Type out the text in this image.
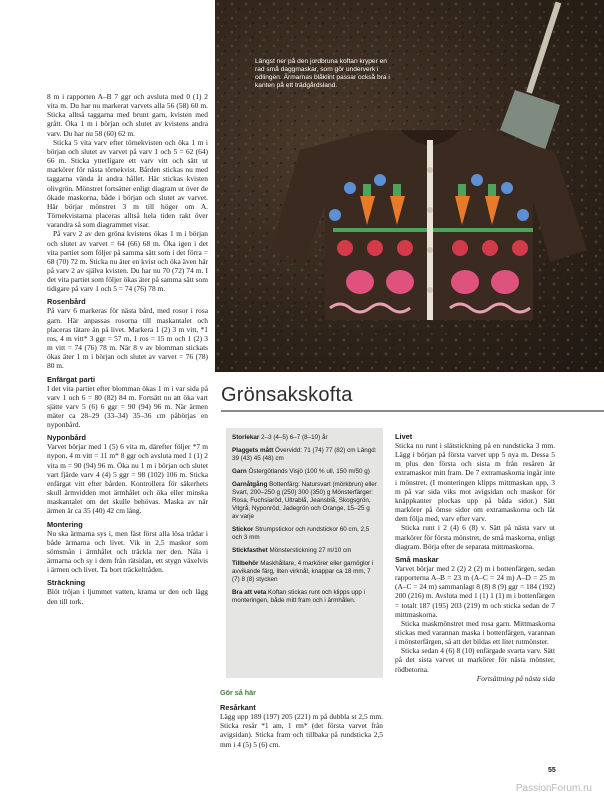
Längst ner på den jordbruna koftan kryper en rad små daggmaskar, som gör underverk i odlingen. Ärmarnas blåklint passar också bra i kanten på ett trädgårdsland.

8 m i rapporten A–B 7 ggr och avsluta med 0 (1) 2 vita m. Du har nu markerat varvets alla 56 (58) 60 m. Sticka alltså taggarna med brunt garn, kvisten med grått. Öka 1 m i början och slutet av kvistens andra varv. Du har nu 58 (60) 62 m.

Sticka 5 vita varv efter törnekvisten och öka 1 m i början och slutet av varvet på varv 1 och 5 = 62 (64) 66 m. Sticka ytterligare ett varv vitt och sätt ut markörer för nästa törnekvist. Bården stickas nu med taggarna vända åt andra hållet. Här stickas kvisten olivgrön. Mönstret fortsätter enligt diagram ut över de ökade maskorna, både i början och slutet av varvet. Här börjar mönstret 3 m till höger om A. Törnekvistarna placeras alltså hela tiden rakt över varandra så som diagrammet visar.

På varv 2 av den gröna kvistens ökas 1 m i början och slutet av varvet = 64 (66) 68 m. Öka igen i det vita partiet som följer på samma sätt som i det förra = 68 (70) 72 m. Sticka nu äter en kvist och öka även här på varv 2 av själva kvisten. Du har nu 70 (72) 74 m. I det vita partiet som följer ökas äter på samma sätt som tidigare på varv 1 och 5 = 74 (76) 78 m.

Rosenbård

På varv 6 markeras för nästa bård, med rosor i rosa garn. Här anpassas rosorna till maskantalet och placeras tätare än på livet. Markera 1 (2) 3 m vitt, *1 ros, 4 m vitt* 3 ggr = 57 m, 1 ros = 15 m och 1 (2) 3 m vitt = 74 (76) 78 m. När 8 v av blomman stickats ökas äter 1 m i början och slutet av varvet = 76 (78) 80 m.

Enfärgat parti

I det vita partiet efter blomman ökas 1 m i var sida på varv 1 och 6 = 80 (82) 84 m. Fortsätt nu att öka vart sjätte varv 5 (6) 6 ggr = 90 (94) 96 m. När ärmen mäter ca 28–29 (33–34) 35–36 cm påbörjas en nyponbård.

Nyponbård

Varvet börjar med 1 (5) 6 vita m, därefter följer *7 m nypon, 4 m vitt = 11 m* 8 ggr och avsluta med 1 (1) 2 vita m = 90 (94) 96 m. Öka nu 1 m i början och slutet vart fjärde varv 4 (4) 5 ggr = 98 (102) 106 m. Sticka enfärgat vitt efter bården. Kontrollera för säkerhets skull ärmvidden mot ärmhålet och öka eller minska maskantalet om det skulle behövas. Maska av när ärmen är ca 35 (40) 42 cm lång.

Montering

Nu ska ärmarna sys i, men fäst först alla lösa trådar i både ärmarna och livet. Vik in 2,5 maskor som sömsmån i ärmhålet och träckla ner den. Nåla i ärmarna och sy i dem från rätsidan, ett stygn växelvis i ärmen och livet. Ta bort träckeltråden.

Sträckning

Blöt tröjan i ljummet vatten, krama ur den och lägg den till tork.

Grönsakskofta
Storlekar 2–3 (4–5) 6–7 (8–10) år
Plaggets mått Övervidd: 71 (74) 77 (82) cm Längd: 39 (43) 45 (48) cm
Garn Östergötlands Visjö (100 % ull, 150 m/50 g)
Garnåtgång Bottenfärg: Natursvart (mörkbrun) eller Svart, 200–250 g (250) 300 (350) g Mönsterfärger: Rosa, Fuchsiaröd, Ultrablå, Jeansblå, Skogsgrön, Vitgrå, Nyponröd, Jadegrön och Orange, 15–25 g av varje
Stickor Strumpstickor och rundstickor 60 cm, 2,5 och 3 mm
Stickfasthet Mönsterstickning 27 m/10 cm
Tillbehör Maskhållare, 4 markörer eller garnöglor i avvikande färg, liten virknål, knappar ca 18 mm, 7 (7) 8 (8) stycken
Bra att veta Koftan stickas runt och klipps upp i monteringen, både mitt fram och i ärmhålen.
Gör så här
Resårkant

Lägg upp 189 (197) 205 (221) m på dubbla st 2,5 mm. Sticka resår *1 am, 1 rm* (det första varvet från avigsidan). Sticka fram och tillbaka på rundsticka 2,5 mm i 4 (5) 5 (6) cm.

Livet

Sticka nu runt i slätstickning på en rundsticka 3 mm. Lägg i början på första varvet upp 5 nya m. Dessa 5 m plus den första och sista m från resåren är extramaskor mitt fram. De 7 extramaskorna ingår inte i mönstret. (I monteringen klipps mittmaskan upp, 3 m på var sida viks mot avigsidan och maskor för knäppkanter plockas upp på båda sidor.) Sätt markörer på ömse sidor om extramaskorna och låt dem följa med, varv efter varv.

Sticka runt i 2 (4) 6 (8) v. Sätt på nästa varv ut markörer för första mönstret, de små maskorna, enligt diagram. Börja efter de separata mittmaskorna.

Små maskar

Varvet börjar med 2 (2) 2 (2) m i bottenfärgen, sedan rapporterna A–B = 23 m (A–C = 24 m) A–D = 25 m (A–C = 24 m) sammanlagt 8 (8) 8 (9) ggr = 184 (192) 200 (216) m. Avsluta med 1 (1) 1 (1) m i bottenfärgen = totalt 187 (195) 203 (219) m och sticka sedan de 7 mittmaskorna.

Sticka maskmönstret med rosa garn. Mittmaskorna stickas med varannan maska i bottenfärgen, varannan i mönsterfärgen, så att det bildas ett litet rutmönster.

Sticka sedan 4 (6) 8 (10) enfärgade svarta varv. Sätt på det sista varvet ut markörer för nästa mönster, rödbetorna.

Fortsättning på nästa sida

55
PassionForum.ru
